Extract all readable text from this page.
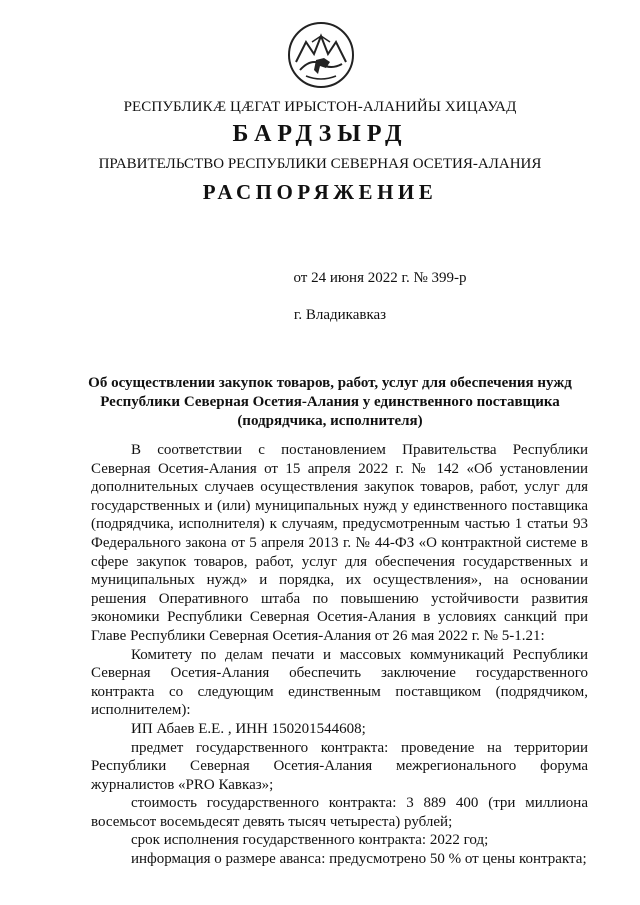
РЕСПУБЛИКӔ ЦӔГАТ ИРЫСТОН-АЛАНИЙЫ ХИЦАУАД
БАРДЗЫРД
ПРАВИТЕЛЬСТВО РЕСПУБЛИКИ СЕВЕРНАЯ ОСЕТИЯ-АЛАНИЯ
РАСПОРЯЖЕНИЕ
от 24 июня 2022 г. № 399-р
г. Владикавказ
Об осуществлении закупок товаров, работ, услуг для обеспечения нужд Республики Северная Осетия-Алания у единственного поставщика (подрядчика, исполнителя)

В соответствии с постановлением Правительства Республики Северная Осетия-Алания от 15 апреля 2022 г. № 142 «Об установлении дополнительных случаев осуществления закупок товаров, работ, услуг для государственных и (или) муниципальных нужд у единственного поставщика (подрядчика, исполнителя) к случаям, предусмотренным частью 1 статьи 93 Федерального закона от 5 апреля 2013 г. № 44-ФЗ «О контрактной системе в сфере закупок товаров, работ, услуг для обеспечения государственных и муниципальных нужд» и порядка, их осуществления», на основании решения Оперативного штаба по повышению устойчивости развития экономики Республики Северная Осетия-Алания в условиях санкций при Главе Республики Северная Осетия-Алания от 26 мая 2022 г. № 5-1.21:

Комитету по делам печати и массовых коммуникаций Республики Северная Осетия-Алания обеспечить заключение государственного контракта со следующим единственным поставщиком (подрядчиком, исполнителем):

ИП Абаев Е.Е. , ИНН 150201544608;

предмет государственного контракта: проведение на территории Республики Северная Осетия-Алания межрегионального форума журналистов «PRO Кавказ»;

стоимость государственного контракта: 3 889 400 (три миллиона восемьсот восемьдесят девять тысяч четыреста) рублей;

срок исполнения государственного контракта: 2022 год;

информация о размере аванса: предусмотрено 50 % от цены контракта;
